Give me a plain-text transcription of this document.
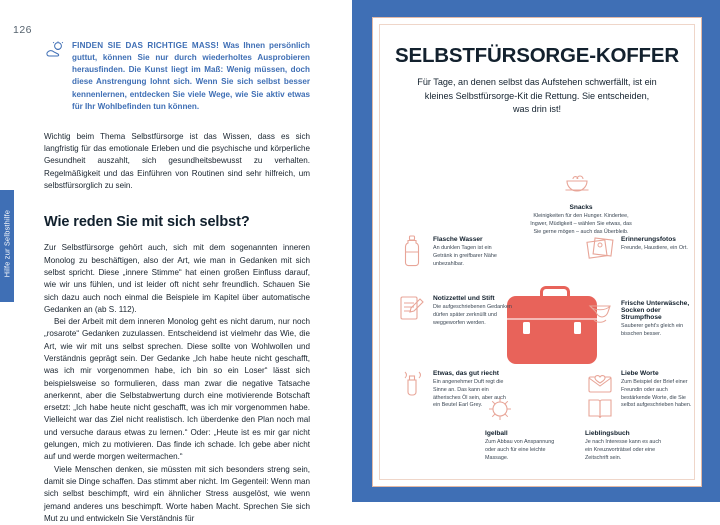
126
Hilfe zur Selbsthilfe
FINDEN SIE DAS RICHTIGE MASS! Was Ihnen persönlich guttut, können Sie nur durch wiederholtes Ausprobieren herausfinden. Die Kunst liegt im Maß: Wenig müssen, doch diese Anstrengung lohnt sich. Wenn Sie sich selbst besser kennenlernen, entdecken Sie viele Wege, wie Sie aktiv etwas für Ihr Wohlbefinden tun können.

Wichtig beim Thema Selbstfürsorge ist das Wissen, dass es sich langfristig für das emotionale Erleben und die psychische und körperliche Gesundheit auszahlt, sich gesundheitsbewusst zu verhalten. Regelmäßigkeit und das Einführen von Routinen sind sehr hilfreich, um selbstfürsorglich zu sein.

Wie reden Sie mit sich selbst?

Zur Selbstfürsorge gehört auch, sich mit dem sogenannten inneren Monolog zu beschäftigen, also der Art, wie man in Gedanken mit sich selbst spricht. Diese „innere Stimme“ hat einen großen Einfluss darauf, wie wir uns fühlen, und ist leider oft nicht sehr freundlich. Schauen Sie sich dazu auch noch einmal die Beispiele im Kapitel über automatische Gedanken an (ab S. 112).

Bei der Arbeit mit dem inneren Monolog geht es nicht darum, nur noch „rosarote“ Gedanken zuzulassen. Entscheidend ist vielmehr das Wie, die Art, wie wir mit uns selbst sprechen. Diese sollte von Wohlwollen und Verständnis geprägt sein. Der Gedanke „Ich habe heute nicht geschafft, was ich mir vorgenommen habe, ich bin so ein Loser“ lässt sich beispielsweise so formulieren, dass man zwar die negative Tatsache anerkennt, aber die Selbstabwertung durch eine motivierende Botschaft ersetzt: „Ich habe heute nicht geschafft, was ich mir vorgenommen habe. Vielleicht war das Ziel nicht realistisch. Ich überdenke den Plan noch mal und versuche daraus etwas zu lernen.“ Oder: „Heute ist es mir gar nicht gelungen, mich zu motivieren. Das finde ich schade. Ich gebe aber nicht auf und werde morgen weitermachen.“

Viele Menschen denken, sie müssten mit sich besonders streng sein, damit sie Dinge schaffen. Das stimmt aber nicht. Im Gegenteil: Wenn man sich selbst beschimpft, wird ein ähnlicher Stress ausgelöst, wie wenn jemand anderes uns beschimpft. Worte haben Macht. Sprechen Sie sich Mut zu und entwickeln Sie Verständnis für

SELBSTFÜRSORGE-KOFFER
Für Tage, an denen selbst das Aufstehen schwerfällt, ist ein kleines Selbstfürsorge-Kit die Rettung. Sie entscheiden, was drin ist!
Snacks
Kleinigkeiten für den Hunger. Kindertee, Ingwer, Müdigkeit – wählen Sie etwas, das Sie gerne mögen – auch das Überbleib.
Flasche Wasser
An dunklen Tagen ist ein Getränk in greifbarer Nähe unbezahlbar.
Erinnerungsfotos
Freunde, Haustiere, ein Ort.
Notizzettel und Stift
Die aufgeschriebenen Gedanken dürfen später zerknüllt und weggeworfen werden.
Frische Unterwäsche, Socken oder Strumpfhose
Sauberer geht's gleich ein bisschen besser.
Etwas, das gut riecht
Ein angenehmer Duft regt die Sinne an. Das kann ein ätherisches Öl sein, aber auch ein Beutel Earl Grey.
Liebe Worte
Zum Beispiel der Brief einer Freundin oder auch bestärkende Worte, die Sie selbst aufgeschrieben haben.
Igelball
Zum Abbau von Anspannung oder auch für eine leichte Massage.
Lieblingsbuch
Je nach Interesse kann es auch ein Kreuzworträtsel oder eine Zeitschrift sein.
